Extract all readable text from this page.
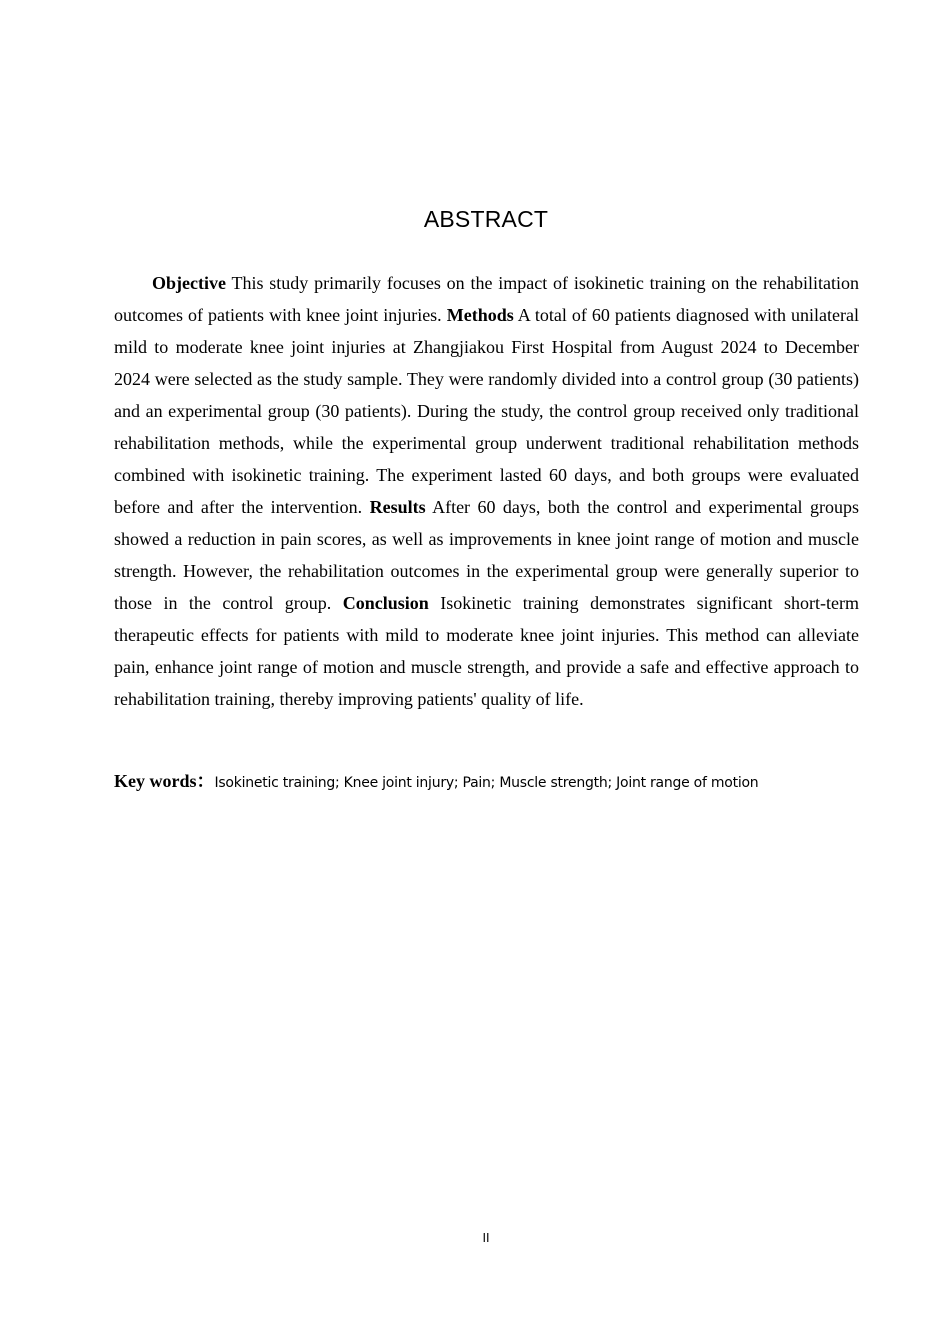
ABSTRACT

Objective This study primarily focuses on the impact of isokinetic training on the rehabilitation outcomes of patients with knee joint injuries. Methods A total of 60 patients diagnosed with unilateral mild to moderate knee joint injuries at Zhangjiakou First Hospital from August 2024 to December 2024 were selected as the study sample. They were randomly divided into a control group (30 patients) and an experimental group (30 patients). During the study, the control group received only traditional rehabilitation methods, while the experimental group underwent traditional rehabilitation methods combined with isokinetic training. The experiment lasted 60 days, and both groups were evaluated before and after the intervention. Results After 60 days, both the control and experimental groups showed a reduction in pain scores, as well as improvements in knee joint range of motion and muscle strength. However, the rehabilitation outcomes in the experimental group were generally superior to those in the control group. Conclusion Isokinetic training demonstrates significant short-term therapeutic effects for patients with mild to moderate knee joint injuries. This method can alleviate pain, enhance joint range of motion and muscle strength, and provide a safe and effective approach to rehabilitation training, thereby improving patients' quality of life.

Key words：Isokinetic training; Knee joint injury; Pain; Muscle strength; Joint range of motion
II
